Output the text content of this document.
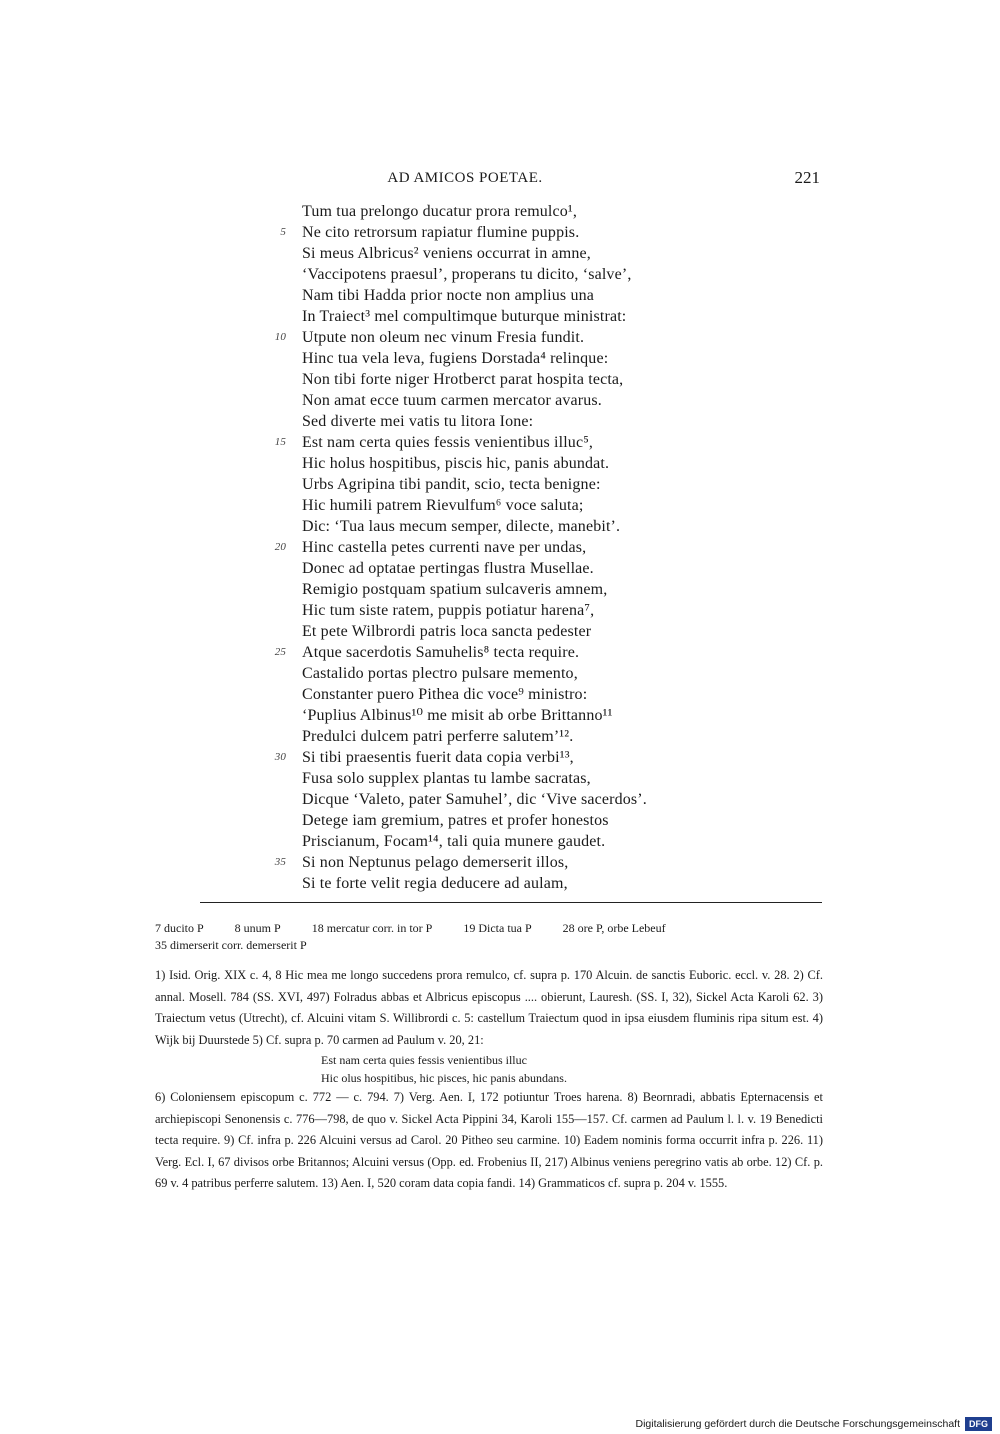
AD AMICOS POETAE.	221
Tum tua prelongo ducatur prora remulco¹,
5 Ne cito retrorsum rapiatur flumine puppis.
Si meus Albricus² veniens occurrat in amne,
‘Vaccipotens praesul’, properans tu dicito, ‘salve’,
Nam tibi Hadda prior nocte non amplius una
In Traiect³ mel compultimque buturque ministrat:
10 Utpute non oleum nec vinum Fresia fundit.
Hinc tua vela leva, fugiens Dorstada⁴ relinque:
Non tibi forte niger Hrotberct parat hospita tecta,
Non amat ecce tuum carmen mercator avarus.
Sed diverte mei vatis tu litora Ione:
15 Est nam certa quies fessis venientibus illuc⁵,
Hic holus hospitibus, piscis hic, panis abundat.
Urbs Agripina tibi pandit, scio, tecta benigne:
Hic humili patrem Rievulfum⁶ voce saluta;
Dic: ‘Tua laus mecum semper, dilecte, manebit’.
20 Hinc castella petes currenti nave per undas,
Donec ad optatae pertingas flustra Musellae.
Remigio postquam spatium sulcaveris amnem,
Hic tum siste ratem, puppis potiatur harena⁷,
Et pete Wilbrordi patris loca sancta pedester
25 Atque sacerdotis Samuhelis⁸ tecta require.
Castalido portas plectro pulsare memento,
Constanter puero Pithea dic voce⁹ ministro:
‘Puplius Albinus¹⁰ me misit ab orbe Brittanno¹¹
Predulci dulcem patri perferre salutem’¹².
30 Si tibi praesentis fuerit data copia verbi¹³,
Fusa solo supplex plantas tu lambe sacratas,
Dicque ‘Valeto, pater Samuhel’, dic ‘Vive sacerdos’.
Detege iam gremium, patres et profer honestos
Priscianum, Focam¹⁴, tali quia munere gaudet.
35 Si non Neptunus pelago demerserit illos,
Si te forte velit regia deducere ad aulam,
7 ducito P	8 unum P	18 mercatur corr. in tor P	19 Dicta tua P	28 ore P, orbe Lebeuf
35 dimerserit corr. demerserit P

1) Isid. Orig. XIX c. 4, 8 Hic mea me longo succedens prora remulco, cf. supra p. 170 Alcuin. de sanctis Euboric. eccl. v. 28. 2) Cf. annal. Mosell. 784 (SS. XVI, 497) Folradus abbas et Albricus episcopus .... obierunt, Lauresh. (SS. I, 32), Sickel Acta Karoli 62. 3) Traiectum vetus (Utrecht), cf. Alcuini vitam S. Willibrordi c. 5: castellum Traiectum quod in ipsa eiusdem fluminis ripa situm est. 4) Wijk bij Duurstede 5) Cf. supra p. 70 carmen ad Paulum v. 20, 21:

Est nam certa quies fessis venientibus illuc

Hic olus hospitibus, hic pisces, hic panis abundans.

6) Coloniensem episcopum c. 772 — c. 794. 7) Verg. Aen. I, 172 potiuntur Troes harena. 8) Beornradi, abbatis Epternacensis et archiepiscopi Senonensis c. 776—798, de quo v. Sickel Acta Pippini 34, Karoli 155—157. Cf. carmen ad Paulum l. l. v. 19 Benedicti tecta require. 9) Cf. infra p. 226 Alcuini versus ad Carol. 20 Pitheo seu carmine. 10) Eadem nominis forma occurrit infra p. 226. 11) Verg. Ecl. I, 67 divisos orbe Britannos; Alcuini versus (Opp. ed. Frobenius II, 217) Albinus veniens peregrino vatis ab orbe. 12) Cf. p. 69 v. 4 patribus perferre salutem. 13) Aen. I, 520 coram data copia fandi. 14) Grammaticos cf. supra p. 204 v. 1555.

Digitalisierung gefördert durch die Deutsche Forschungsgemeinschaft	DFG
